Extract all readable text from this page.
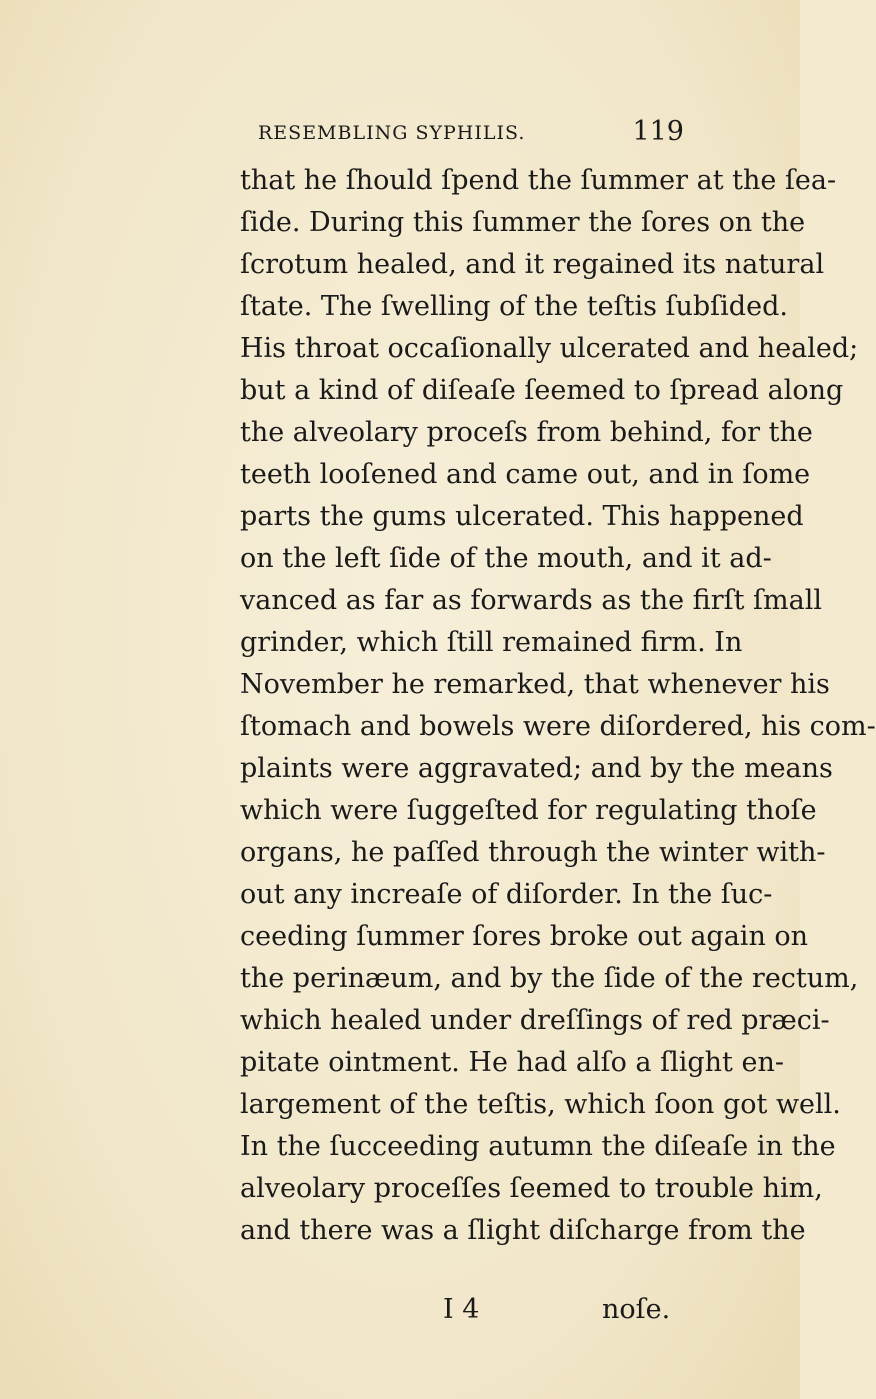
RESEMBLING SYPHILIS.	119
that he ſhould ſpend the ſummer at the ſea-
ſide. During this ſummer the ſores on the
ſcrotum healed, and it regained its natural
ſtate. The ſwelling of the teſtis ſubſided.
His throat occaſionally ulcerated and healed;
but a kind of diſeaſe ſeemed to ſpread along
the alveolary proceſs from behind, for the
teeth looſened and came out, and in ſome
parts the gums ulcerated. This happened
on the left ſide of the mouth, and it ad-
vanced as far as forwards as the firſt ſmall
grinder, which ſtill remained firm. In
November he remarked, that whenever his
ſtomach and bowels were diſordered, his com-
plaints were aggravated; and by the means
which were ſuggeſted for regulating thoſe
organs, he paſſed through the winter with-
out any increaſe of diſorder. In the ſuc-
ceeding ſummer ſores broke out again on
the perinæum, and by the ſide of the rectum,
which healed under dreſſings of red præci-
pitate ointment. He had alſo a ſlight en-
largement of the teſtis, which ſoon got well.
In the ſucceeding autumn the diſeaſe in the
alveolary proceſſes ſeemed to trouble him,
and there was a ſlight diſcharge from the
I 4	noſe.
